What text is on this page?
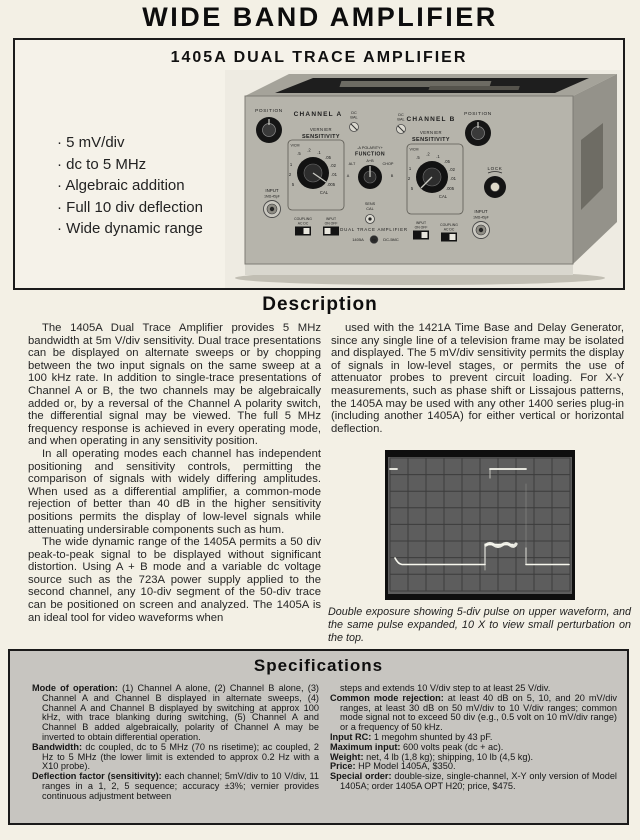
WIDE BAND AMPLIFIER
1405A DUAL TRACE AMPLIFIER
· 5 mV/div
· dc to 5 MHz
· Algebraic addition
· Full 10 div deflection
· Wide dynamic range
POSITION CHANNEL A
VERNIER
SENSITIVITY
DC
BAL
DC
BAL
V/CM
.5
.2 .1
.05
.02
.01
.005
CAL
1
2
5
-A POLARITY+
FUNCTION
A+B
ALT	CHOP
A	B
SENS
CAL
CHANNEL B
VERNIER
SENSITIVITY
V/CM
.5
.2 .1
.05
.02
.01
.005
CAL
1
2
5
POSITION
LOCK
INPUT
1MΩ-45pF
COUPLING
AC DC
INPUT
ON OFF
DUAL TRACE AMPLIFIER
1405A	hp DC-5MC
INPUT
ON OFF
COUPLING
AC DC
INPUT
1MΩ-45pF
Description

The 1405A Dual Trace Amplifier provides 5 MHz bandwidth at 5m V/div sensitivity. Dual trace presentations can be displayed on alternate sweeps or by chopping between the two input signals on the same sweep at a 100 kHz rate. In addition to single-trace presentations of Channel A or B, the two channels may be algebraically added or, by a reversal of the Channel A polarity switch, the differential signal may be viewed. The full 5 MHz frequency response is achieved in every operating mode, and when operating in any sensitivity position.

In all operating modes each channel has independent positioning and sensitivity controls, permitting the comparison of signals with widely differing amplitudes. When used as a differential amplifier, a common-mode rejection of better than 40 dB in the higher sensitivity positions permits the display of low-level signals while attenuating undersirable components such as hum.

The wide dynamic range of the 1405A permits a 50 div peak-to-peak signal to be displayed without significant distortion. Using A + B mode and a variable dc voltage source such as the 723A power supply applied to the second channel, any 10-div segment of the 50-div trace can be positioned on screen and analyzed. The 1405A is an ideal tool for video waveforms when

used with the 1421A Time Base and Delay Generator, since any single line of a television frame may be isolated and displayed. The 5 mV/div sensitivity permits the display of signals in low-level stages, or permits the use of attenuator probes to prevent circuit loading. For X-Y measurements, such as phase shift or Lissajous patterns, the 1405A may be used with any other 1400 series plug-in (including another 1405A) for either vertical or horizontal deflection.

Double exposure showing 5-div pulse on upper waveform, and the same pulse expanded, 10 X to view small perturbation on the top.
Specifications

Mode of operation: (1) Channel A alone, (2) Channel B alone, (3) Channel A and Channel B displayed in alternate sweeps, (4) Channel A and Channel B displayed by switching at approx 100 kHz, with trace blanking during switching, (5) Channel A and Channel B added algebraically, polarity of Channel A may be inverted to obtain differential operation.

Bandwidth: dc coupled, dc to 5 MHz (70 ns risetime); ac coupled, 2 Hz to 5 MHz (the lower limit is extended to approx 0.2 Hz with a X10 probe).

Deflection factor (sensitivity): each channel; 5mV/div to 10 V/div, 11 ranges in a 1, 2, 5 sequence; accuracy ±3%; vernier provides continuous adjustment between

steps and extends 10 V/div step to at least 25 V/div.

Common mode rejection: at least 40 dB on 5, 10, and 20 mV/div ranges, at least 30 dB on 50 mV/div to 10 V/div ranges; common mode signal not to exceed 50 div (e.g., 0.5 volt on 10 mV/div range) or a frequency of 50 kHz.

Input RC: 1 megohm shunted by 43 pF.

Maximum input: 600 volts peak (dc + ac).

Weight: net, 4 lb (1,8 kg); shipping, 10 lb (4,5 kg).

Price: HP Model 1405A, $350.

Special order: double-size, single-channel, X-Y only version of Model 1405A; order 1405A OPT H20; price, $475.
